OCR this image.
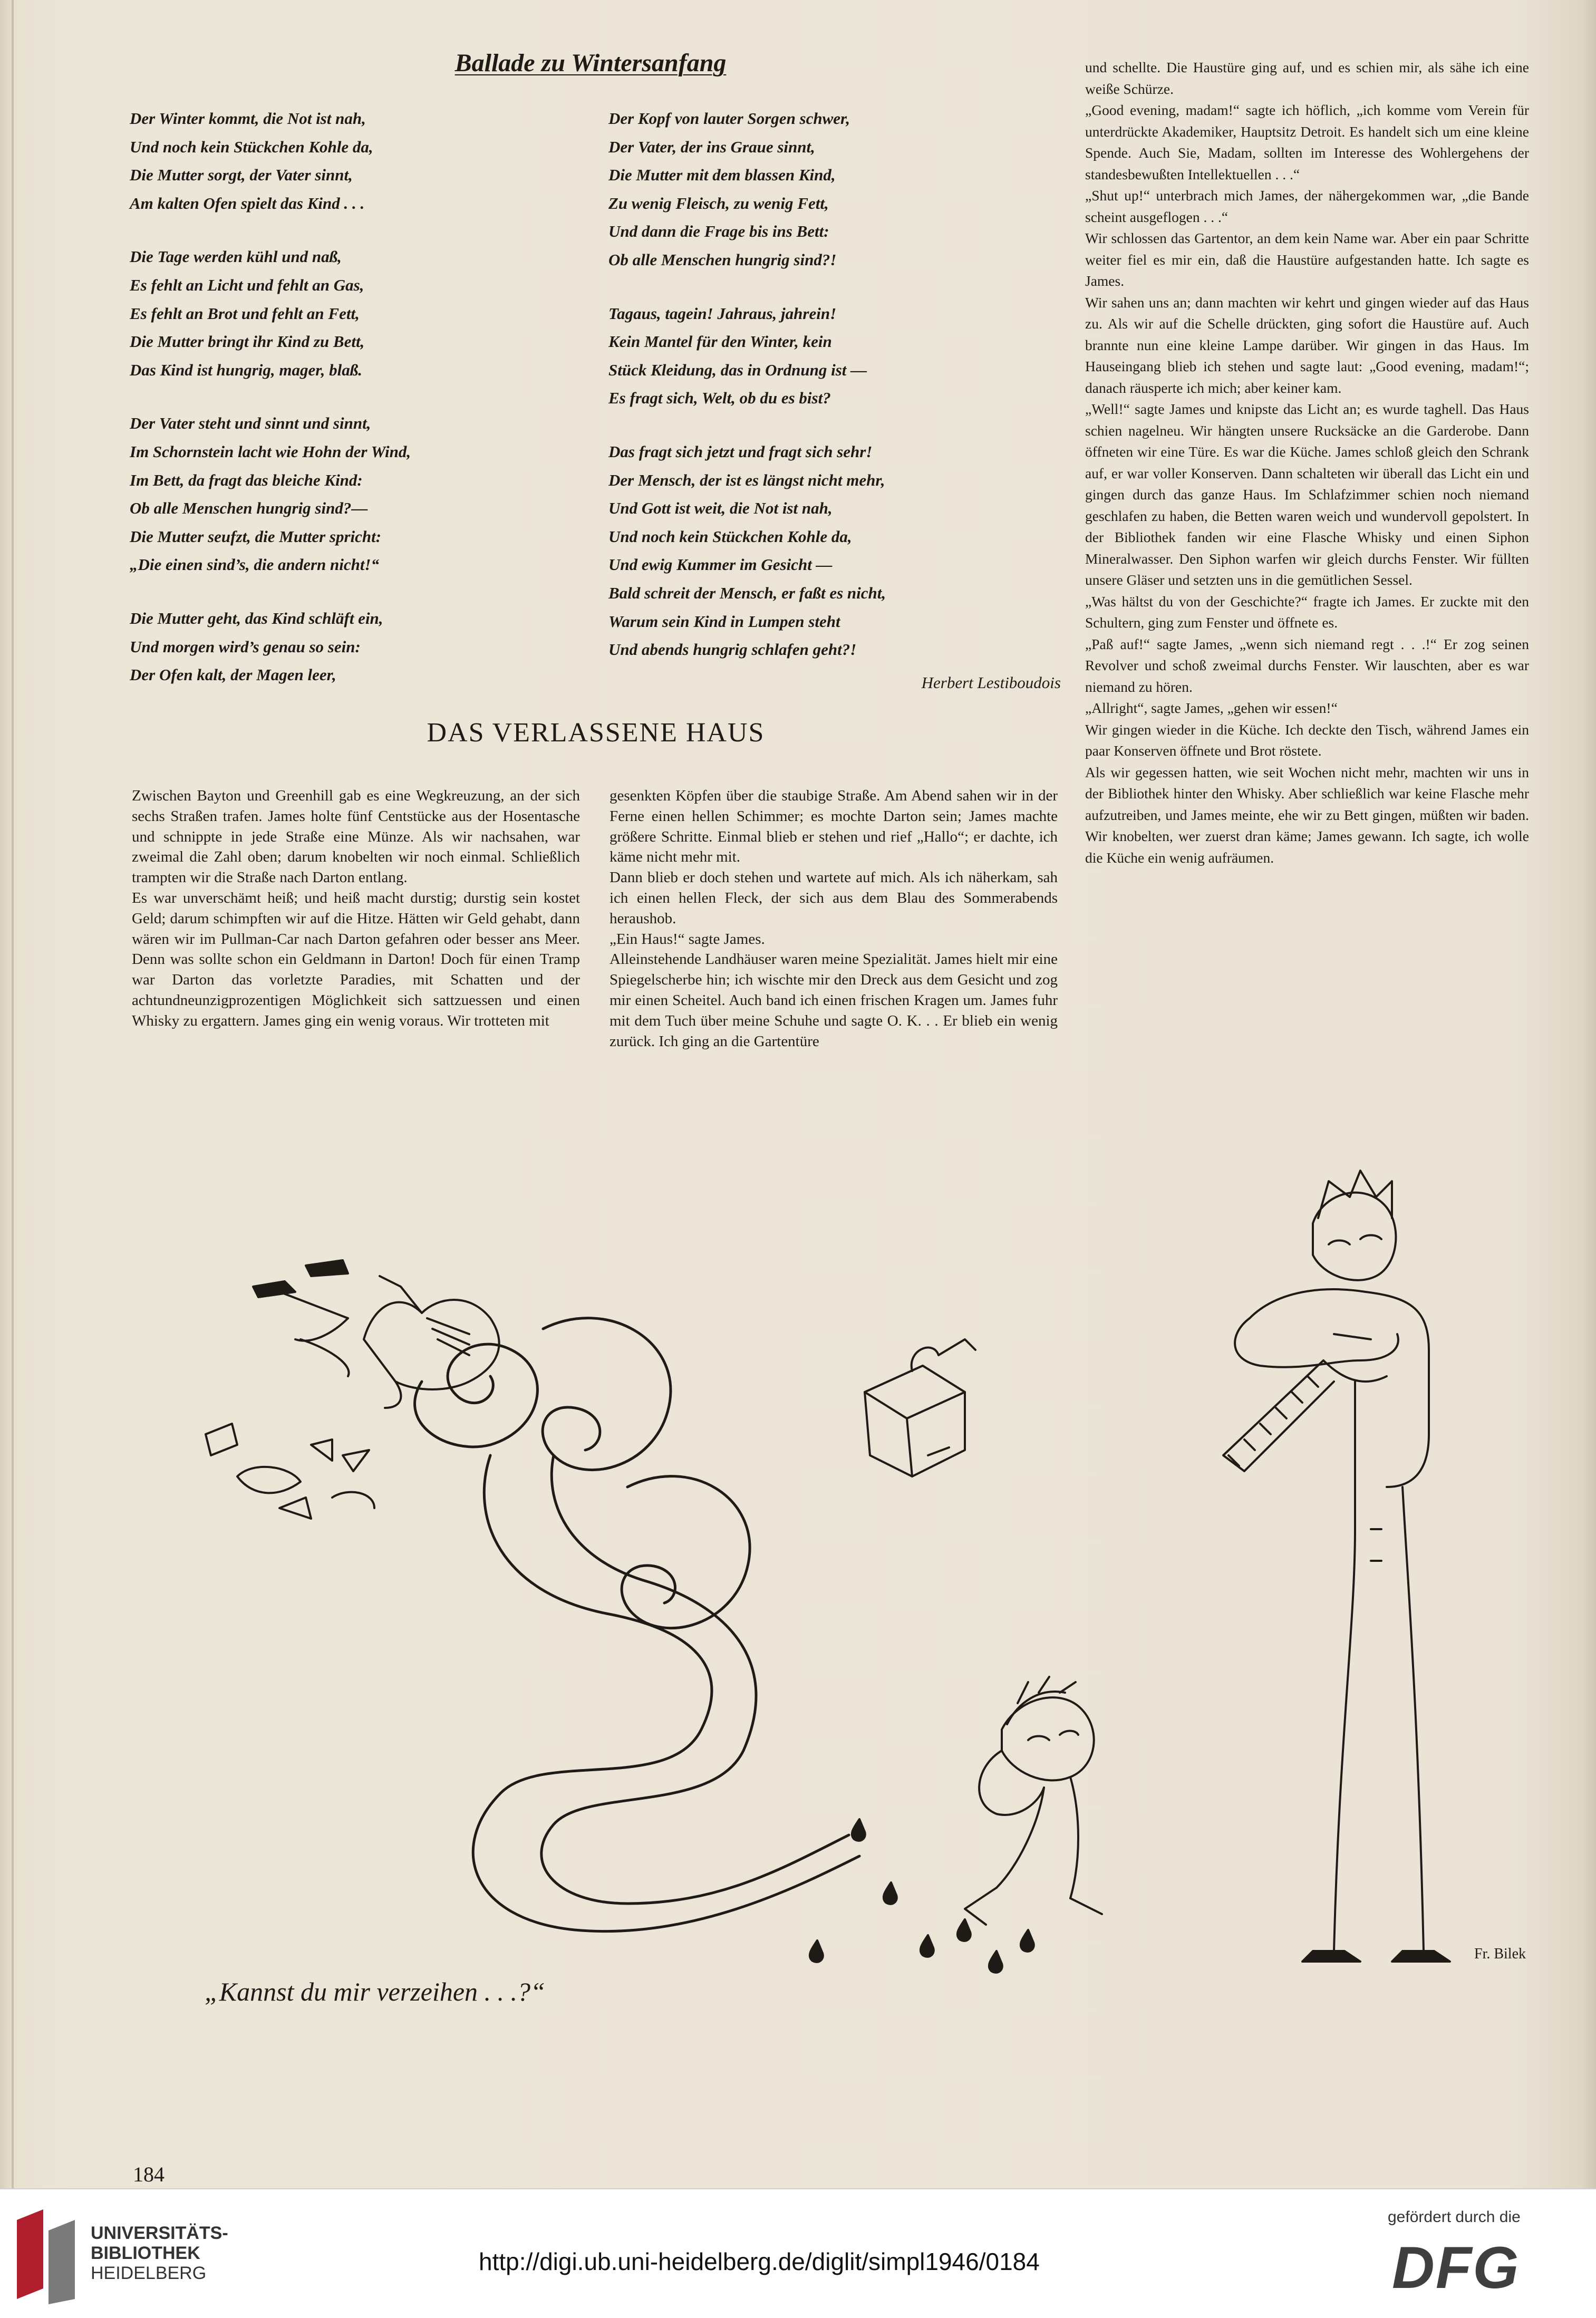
Ballade zu Wintersanfang
Der Winter kommt, die Not ist nah,
Und noch kein Stückchen Kohle da,
Die Mutter sorgt, der Vater sinnt,
Am kalten Ofen spielt das Kind . . .
Die Tage werden kühl und naß,
Es fehlt an Licht und fehlt an Gas,
Es fehlt an Brot und fehlt an Fett,
Die Mutter bringt ihr Kind zu Bett,
Das Kind ist hungrig, mager, blaß.
Der Vater steht und sinnt und sinnt,
Im Schornstein lacht wie Hohn der Wind,
Im Bett, da fragt das bleiche Kind:
Ob alle Menschen hungrig sind?—
Die Mutter seufzt, die Mutter spricht:
„Die einen sind’s, die andern nicht!“
Die Mutter geht, das Kind schläft ein,
Und morgen wird’s genau so sein:
Der Ofen kalt, der Magen leer,
Der Kopf von lauter Sorgen schwer,
Der Vater, der ins Graue sinnt,
Die Mutter mit dem blassen Kind,
Zu wenig Fleisch, zu wenig Fett,
Und dann die Frage bis ins Bett:
Ob alle Menschen hungrig sind?!
Tagaus, tagein! Jahraus, jahrein!
Kein Mantel für den Winter, kein
Stück Kleidung, das in Ordnung ist —
Es fragt sich, Welt, ob du es bist?
Das fragt sich jetzt und fragt sich sehr!
Der Mensch, der ist es längst nicht mehr,
Und Gott ist weit, die Not ist nah,
Und noch kein Stückchen Kohle da,
Und ewig Kummer im Gesicht —
Bald schreit der Mensch, er faßt es nicht,
Warum sein Kind in Lumpen steht
Und abends hungrig schlafen geht?!
Herbert Lestiboudois
DAS VERLASSENE HAUS

Zwischen Bayton und Greenhill gab es eine Wegkreuzung, an der sich sechs Straßen trafen. James holte fünf Centstücke aus der Hosentasche und schnippte in jede Straße eine Münze. Als wir nachsahen, war zweimal die Zahl oben; darum knobelten wir noch einmal. Schließlich trampten wir die Straße nach Darton entlang.

Es war unverschämt heiß; und heiß macht durstig; durstig sein kostet Geld; darum schimpften wir auf die Hitze. Hätten wir Geld gehabt, dann wären wir im Pullman-Car nach Darton gefahren oder besser ans Meer. Denn was sollte schon ein Geldmann in Darton! Doch für einen Tramp war Darton das vorletzte Paradies, mit Schatten und der achtundneunzigprozentigen Möglichkeit sich sattzuessen und einen Whisky zu ergattern. James ging ein wenig voraus. Wir trotteten mit

gesenkten Köpfen über die staubige Straße. Am Abend sahen wir in der Ferne einen hellen Schimmer; es mochte Darton sein; James machte größere Schritte. Einmal blieb er stehen und rief „Hallo“; er dachte, ich käme nicht mehr mit.

Dann blieb er doch stehen und wartete auf mich. Als ich näherkam, sah ich einen hellen Fleck, der sich aus dem Blau des Sommerabends heraushob.

„Ein Haus!“ sagte James.

Alleinstehende Landhäuser waren meine Spezialität. James hielt mir eine Spiegelscherbe hin; ich wischte mir den Dreck aus dem Gesicht und zog mir einen Scheitel. Auch band ich einen frischen Kragen um. James fuhr mit dem Tuch über meine Schuhe und sagte O. K. . . Er blieb ein wenig zurück. Ich ging an die Gartentüre

und schellte. Die Haustüre ging auf, und es schien mir, als sähe ich eine weiße Schürze.

„Good evening, madam!“ sagte ich höflich, „ich komme vom Verein für unterdrückte Akademiker, Hauptsitz Detroit. Es handelt sich um eine kleine Spende. Auch Sie, Madam, sollten im Interesse des Wohlergehens der standesbewußten Intellektuellen . . .“

„Shut up!“ unterbrach mich James, der nähergekommen war, „die Bande scheint ausgeflogen . . .“

Wir schlossen das Gartentor, an dem kein Name war. Aber ein paar Schritte weiter fiel es mir ein, daß die Haustüre aufgestanden hatte. Ich sagte es James.

Wir sahen uns an; dann machten wir kehrt und gingen wieder auf das Haus zu. Als wir auf die Schelle drückten, ging sofort die Haustüre auf. Auch brannte nun eine kleine Lampe darüber. Wir gingen in das Haus. Im Hauseingang blieb ich stehen und sagte laut: „Good evening, madam!“; danach räusperte ich mich; aber keiner kam.

„Well!“ sagte James und knipste das Licht an; es wurde taghell. Das Haus schien nagelneu. Wir hängten unsere Rucksäcke an die Garderobe. Dann öffneten wir eine Türe. Es war die Küche. James schloß gleich den Schrank auf, er war voller Konserven. Dann schalteten wir überall das Licht ein und gingen durch das ganze Haus. Im Schlafzimmer schien noch niemand geschlafen zu haben, die Betten waren weich und wundervoll gepolstert. In der Bibliothek fanden wir eine Flasche Whisky und einen Siphon Mineralwasser. Den Siphon warfen wir gleich durchs Fenster. Wir füllten unsere Gläser und setzten uns in die gemütlichen Sessel.

„Was hältst du von der Geschichte?“ fragte ich James. Er zuckte mit den Schultern, ging zum Fenster und öffnete es.

„Paß auf!“ sagte James, „wenn sich niemand regt . . .!“ Er zog seinen Revolver und schoß zweimal durchs Fenster. Wir lauschten, aber es war niemand zu hören.

„Allright“, sagte James, „gehen wir essen!“

Wir gingen wieder in die Küche. Ich deckte den Tisch, während James ein paar Konserven öffnete und Brot röstete.

Als wir gegessen hatten, wie seit Wochen nicht mehr, machten wir uns in der Bibliothek hinter den Whisky. Aber schließlich war keine Flasche mehr aufzutreiben, und James meinte, ehe wir zu Bett gingen, müßten wir baden. Wir knobelten, wer zuerst dran käme; James gewann. Ich sagte, ich wolle die Küche ein wenig aufräumen.

„Kannst du mir verzeihen . . .?“
Fr. Bilek
184
UNIVERSITÄTS-
BIBLIOTHEK
HEIDELBERG	http://digi.ub.uni-heidelberg.de/diglit/simpl1946/0184
gefördert durch die
DFG
